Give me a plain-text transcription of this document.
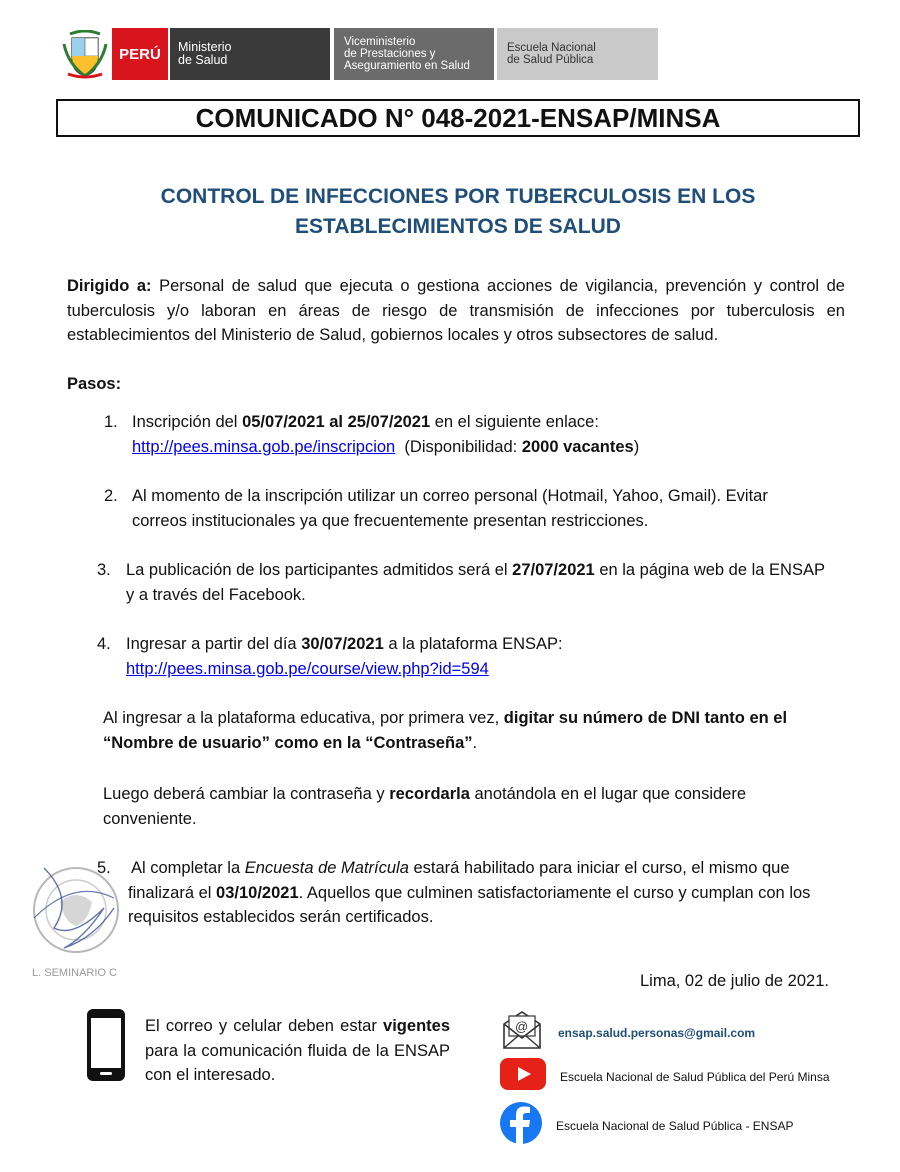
PERÚ	Ministerio
de Salud
Viceministerio
de Prestaciones y
Aseguramiento en Salud
Escuela Nacional
de Salud Pública
COMUNICADO N° 048-2021-ENSAP/MINSA
CONTROL DE INFECCIONES POR TUBERCULOSIS EN LOS
ESTABLECIMIENTOS DE SALUD
Dirigido a: Personal de salud que ejecuta o gestiona acciones de vigilancia, prevención y control de tuberculosis y/o laboran en áreas de riesgo de transmisión de infecciones por tuberculosis en establecimientos del Ministerio de Salud, gobiernos locales y otros subsectores de salud.
Pasos:
1. Inscripción del 05/07/2021 al 25/07/2021 en el siguiente enlace:
http://pees.minsa.gob.pe/inscripcion  (Disponibilidad: 2000 vacantes)
2. Al momento de la inscripción utilizar un correo personal (Hotmail, Yahoo, Gmail). Evitar correos institucionales ya que frecuentemente presentan restricciones.
3. La publicación de los participantes admitidos será el 27/07/2021 en la página web de la ENSAP y a través del Facebook.
4. Ingresar a partir del día 30/07/2021 a la plataforma ENSAP:
http://pees.minsa.gob.pe/course/view.php?id=594
Al ingresar a la plataforma educativa, por primera vez, digitar su número de DNI tanto en el “Nombre de usuario” como en la “Contraseña”.
Luego deberá cambiar la contraseña y recordarla anotándola en el lugar que considere conveniente.
L. SEMINARIO C
5. Al completar la Encuesta de Matrícula estará habilitado para iniciar el curso, el mismo que finalizará el 03/10/2021. Aquellos que culminen satisfactoriamente el curso y cumplan con los requisitos establecidos serán certificados.
Lima, 02 de julio de 2021.
El correo y celular deben estar vigentes para la comunicación fluida de la ENSAP con el interesado.
@ ensap.salud.personas@gmail.com
Escuela Nacional de Salud Pública del Perú Minsa
Escuela Nacional de Salud Pública - ENSAP
